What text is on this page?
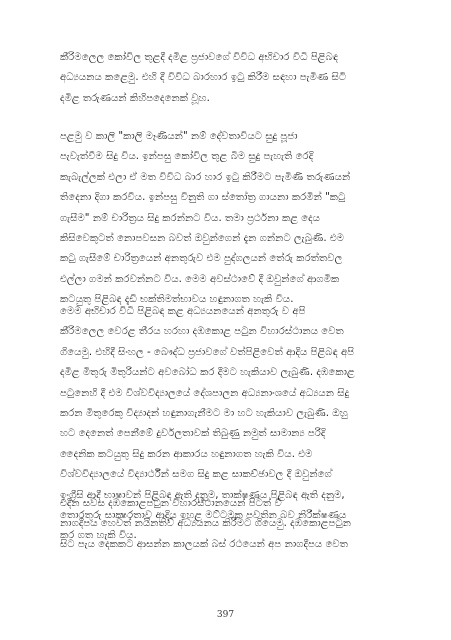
කීරිමලෙ‍ල කෝවිල තුළදී දමිළ ප්‍රජාවගේ විවිධ අභිචාර විධි පිළිබඳ
අධ්‍යයනය කළෙමු. එහි දී විවිධ බාරහාර ඉටු කිරීම සඳහා පැමිණ සිටි
දමිළ තරුණයන් කිහිපදෙනෙක් වූහ.

පළමු ව කාලි "කාලි මෑණියන්" නම් දේවතාවියට සුදු පූජා
පැවැත්වීම සිදු විය. ඉන්පසු කෝවිල තුළ බිම සුදු පැහැති රෙදි
කැබැල්ලක් එලා ඒ මත විවිධ බාර හාර ඉටු කිරීමට පැමිණි තරුණයන්
තිදෙනා දිගා කරවීය. ඉන්පසු විනුති ගා ස්තෝත්‍ර ගායනා කරමින් "කටු
ගැසීම" නම් චාරිත්‍රය සිදු කරන්නට විය. තමා ප්‍රර්ථනා කළ දෙය
කිසිවෙකුටත් නොපවසන බවත් ඔවුන්ගෙන් දැන ගන්නට ලැබුණි. එම
කටු ගැසීමේ චාරිත්‍රයෙන් අනතුරුව එම පුද්ගලයන් තේරු කරත්තවල
එල්ලා ගමන් කරවන්නට විය. මෙම අවස්ථාවේ දී ඔවුන්ගේ ආගමික
කටයුතු පිළිබඳ දැඩි භක්තිමත්භාවය හඳුනාගත හැකි විය.

මෙම අභිචාර විධි පිළිබඳ කළ අධ්‍යයනයෙන් අනතුරු ව අපි
කීරිමලෙ‍ල වෙරළ තීරය හරහා දඹකොළ පටුන විහාරස්ථානය වෙත
ගියෙමු. එහිදී සිංහල - බෞද්ධ ප්‍රජාවගේ වත්පිළිවෙත් ආදිය පිළිබඳ අපි
දමිළ මිතුරු මිතුරියන්ට අවබෝධ කර දීමට හැකියාව ලැබුණි. දඹකොළ
පටුනෙහි දී එම විශ්වවිද්‍යාලයේ දේශපාලන අධ්‍යනාංශයේ අධ්‍යයන සිදු
කරන මිතුරෙකු විද්‍යාදන් හඳුනාගැනීමට මා හට හැකියාව ලැබුණි. ඔහු
හට දෙනෙත් පෙනීමේ දුර්වලතාවක් තිබුණු නමුත් සාමාන්‍ය පරිදි
දෛනික කටයුතු සිදු කරන ආකාරය හඳුනාගත හැකි විය. එම
විශ්වවිද්‍යාලයේ විද්‍යාර්ථීන් සමග සිදු කළ සාකච්ඡාවල දී ඔවුන්ගේ
ඉංග්‍රීසි ආදී භාෂාවන් පිළිබඳ ඇති දනුම, තාක්ෂණය පිළිබඳ ඇති දනුම,
තොරතුරු සාක්‍ෂරතාව ආදිය ඉහළ මට්ටමක පවතින බව නිරීක්ෂණය
කර ගත හැකි විය.

එදින සවස දඹකොළපටුන විහාරස්ථානයෙන් පිටත් වී
නාගදීපය හෙවත් නයිනතිව් අධ්‍යයනය කිරීමට ගියෙමු. දඹකොළපටුන
සිට පැය දෙකකට ආසන්න කාලයක් බස් රථයෙන් අප නාගදීපය වෙත

397
